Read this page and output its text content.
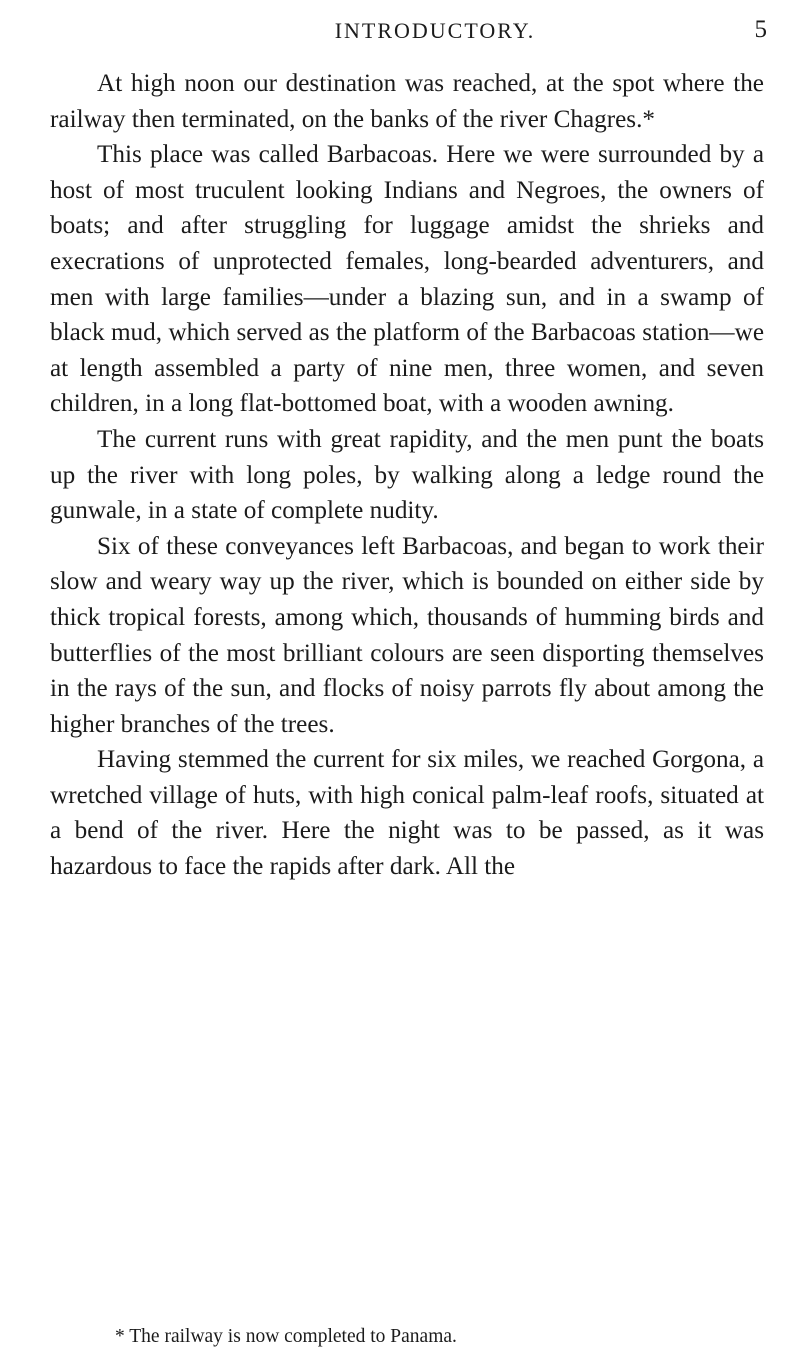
INTRODUCTORY.	5

At high noon our destination was reached, at the spot where the railway then terminated, on the banks of the river Chagres.*

This place was called Barbacoas. Here we were surrounded by a host of most truculent looking Indians and Negroes, the owners of boats; and after struggling for luggage amidst the shrieks and execrations of unprotected females, long-bearded adventurers, and men with large families—under a blazing sun, and in a swamp of black mud, which served as the platform of the Barbacoas station—we at length assembled a party of nine men, three women, and seven children, in a long flat-bottomed boat, with a wooden awning.

The current runs with great rapidity, and the men punt the boats up the river with long poles, by walking along a ledge round the gunwale, in a state of complete nudity.

Six of these conveyances left Barbacoas, and began to work their slow and weary way up the river, which is bounded on either side by thick tropical forests, among which, thousands of humming birds and butterflies of the most brilliant colours are seen disporting themselves in the rays of the sun, and flocks of noisy parrots fly about among the higher branches of the trees.

Having stemmed the current for six miles, we reached Gorgona, a wretched village of huts, with high conical palm-leaf roofs, situated at a bend of the river. Here the night was to be passed, as it was hazardous to face the rapids after dark. All the

* The railway is now completed to Panama.
